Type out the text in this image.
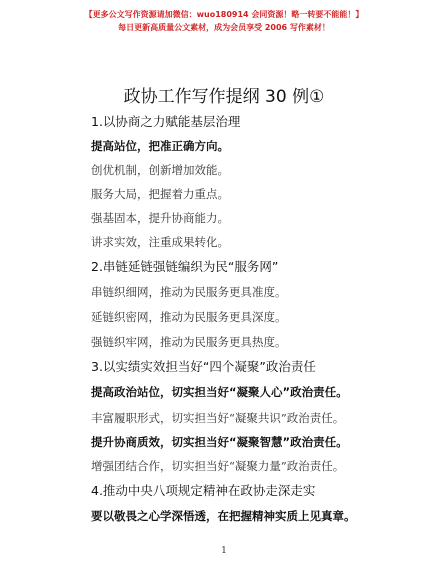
【更多公文写作资源请加微信：wuo180914 会同资源！略一转要不能能！】
每日更新高质量公文素材，成为会员享受 2006 写作素材！
政协工作写作提纲 30 例①
1.以协商之力赋能基层治理
提高站位，把准正确方向。
创优机制，创新增加效能。
服务大局，把握着力重点。
强基固本，提升协商能力。
讲求实效，注重成果转化。
2.串链延链强链编织为民“服务网”
串链织细网，推动为民服务更具准度。
延链织密网，推动为民服务更具深度。
强链织牢网，推动为民服务更具热度。
3.以实绩实效担当好“四个凝聚”政治责任
提高政治站位，切实担当好“凝聚人心”政治责任。
丰富履职形式，切实担当好“凝聚共识”政治责任。
提升协商质效，切实担当好“凝聚智慧”政治责任。
增强团结合作，切实担当好“凝聚力量”政治责任。
4.推动中央八项规定精神在政协走深走实
要以敬畏之心学深悟透，在把握精神实质上见真章。
1
